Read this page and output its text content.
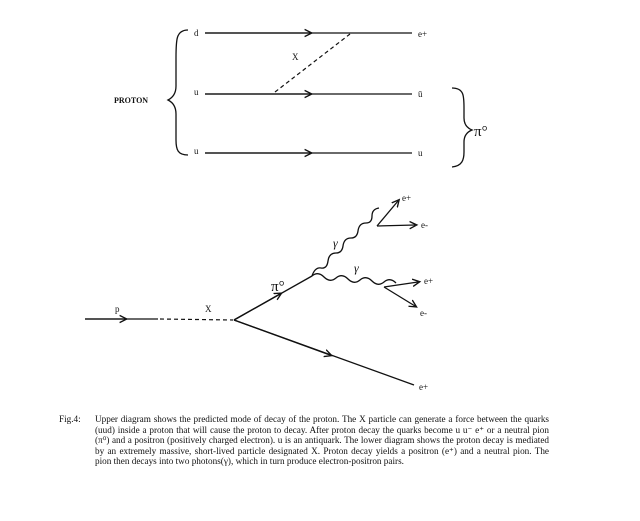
PROTON
d
u
u
X
e+
ū
u
π°
p	X
π°
e+
γ
γ
e+
e-
e+
e-
Fig.4:	Upper diagram shows the predicted mode of decay of the proton. The X particle can generate a force between the quarks (uud) inside a proton that will cause the proton to decay. After proton decay the quarks become u u⁻ e⁺ or a neutral pion (π⁰) and a positron (positively charged electron). u is an antiquark. The lower diagram shows the proton decay is mediated by an extremely massive, short-lived particle designated X. Proton decay yields a positron (e⁺) and a neutral pion. The pion then decays into two photons(γ), which in turn produce electron-positron pairs.
